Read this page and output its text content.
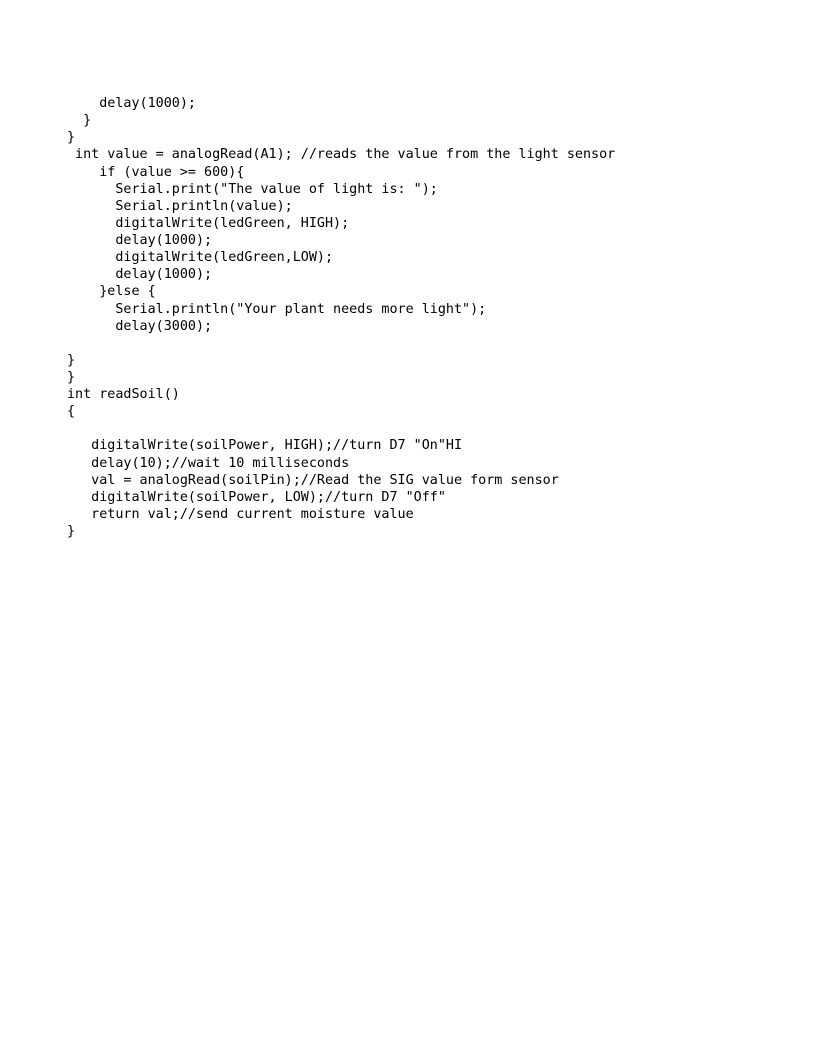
delay(1000);
}
}
int value = analogRead(A1); //reads the value from the light sensor
if (value >= 600){
Serial.print("The value of light is: ");
Serial.println(value);
digitalWrite(ledGreen, HIGH);
delay(1000);
digitalWrite(ledGreen,LOW);
delay(1000);
}else {
Serial.println("Your plant needs more light");
delay(3000);
}
}
int readSoil()
{
digitalWrite(soilPower, HIGH);//turn D7 "On"HI
delay(10);//wait 10 milliseconds
val = analogRead(soilPin);//Read the SIG value form sensor
digitalWrite(soilPower, LOW);//turn D7 "Off"
return val;//send current moisture value
}
